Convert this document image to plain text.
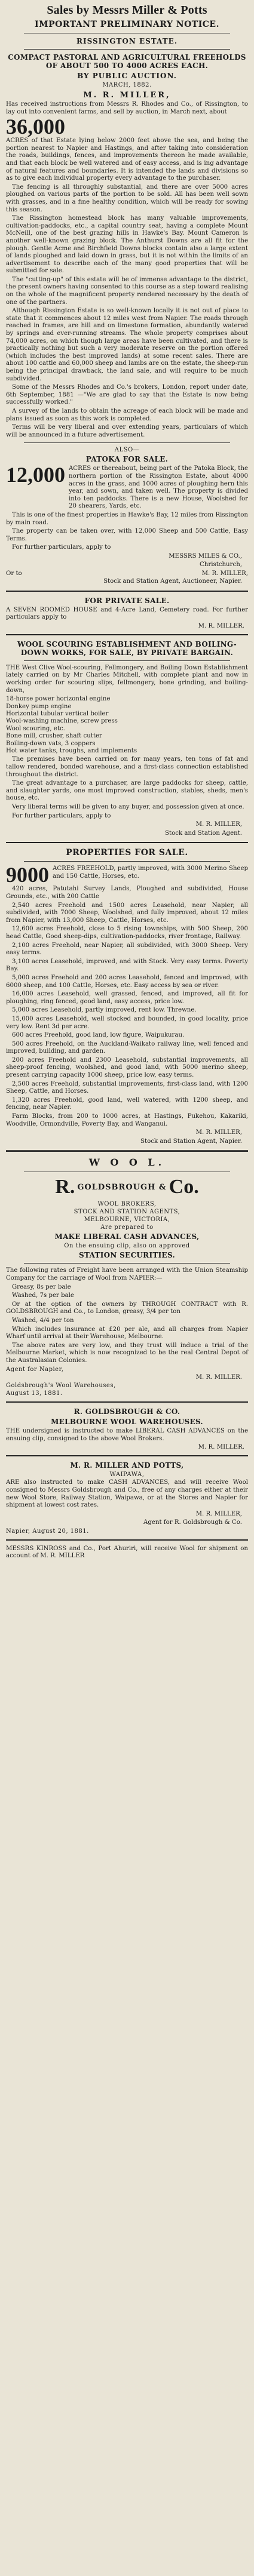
Sales by Messrs Miller & Potts
IMPORTANT PRELIMINARY NOTICE.
RISSINGTON ESTATE.
COMPACT PASTORAL AND AGRICULTURAL FREEHOLDS OF ABOUT 500 TO 4000 ACRES EACH.
BY PUBLIC AUCTION.
MARCH, 1882.
M. R. MILLER,

Has received instructions from Messrs R. Rhodes and Co., of Rissington, to lay out into convenient farms, and sell by auction, in March next, about

36,000

ACRES of that Estate lying below 2000 feet above the sea, and being the portion nearest to Napier and Hastings, and after taking into consideration the roads, buildings, fences, and improvements thereon he made available, and that each block be well watered and of easy access, and is ing advantage of natural features and boundaries. It is intended the lands and divisions so as to give each individual property every advantage to the purchaser.

The fencing is all throughly substantial, and there are over 5000 acres ploughed on various parts of the portion to be sold. All has been well sown with grasses, and in a fine healthy condition, which will be ready for sowing this season.

The Rissington homestead block has many valuable improvements, cultivation-paddocks, etc., a capital country seat, having a complete Mount McNeill, one of the best grazing hills in Hawke's Bay. Mount Cameron is another well-known grazing block. The Anthurst Downs are all fit for the plough. Gentle Acme and Birchfield Downs blocks contain also a large extent of lands ploughed and laid down in grass, but it is not within the limits of an advertisement to describe each of the many good properties that will be submitted for sale.

The "cutting-up" of this estate will be of immense advantage to the district, the present owners having consented to this course as a step toward realising on the whole of the magnificent property rendered necessary by the death of one of the partners.

Although Rissington Estate is so well-known locally it is not out of place to state that it commences about 12 miles west from Napier. The roads through reached in frames, are hill and on limestone formation, abundantly watered by springs and ever-running streams. The whole property comprises about 74,000 acres, on which though large areas have been cultivated, and there is practically nothing but such a very moderate reserve on the portion offered (which includes the best improved lands) at some recent sales. There are about 100 cattle and 60,000 sheep and lambs are on the estate, the sheep-run being the principal drawback, the land sale, and will require to be much subdivided.

Some of the Messrs Rhodes and Co.'s brokers, London, report under date, 6th September, 1881 —"We are glad to say that the Estate is now being successfully worked."

A survey of the lands to obtain the acreage of each block will be made and plans issued as soon as this work is completed.

Terms will be very liberal and over extending years, particulars of which will be announced in a future advertisement.

ALSO—
PATOKA FOR SALE.
12,000 ACRES or thereabout, being part of the Patoka Block, the northern portion of the Rissington Estate, about 4000 acres in the grass, and 1000 acres of ploughing hern this year, and sown, and taken well. The property is divided into ten paddocks. There is a new House, Woolshed for 20 shearers, Yards, etc.

This is one of the finest properties in Hawke's Bay, 12 miles from Rissington by main road.

The property can be taken over, with 12,000 Sheep and 500 Cattle, Easy Terms.

For further particulars, apply to

MESSRS MILES & CO.,
Christchurch,
Or to	M. R. MILLER,
Stock and Station Agent, Auctioneer, Napier.
FOR PRIVATE SALE.

A SEVEN ROOMED HOUSE and 4-Acre Land, Cemetery road. For further particulars apply to

M. R. MILLER.
WOOL SCOURING ESTABLISHMENT AND BOILING-DOWN WORKS, FOR SALE, BY PRIVATE BARGAIN.

THE West Clive Wool-scouring, Fellmongery, and Boiling Down Establishment lately carried on by Mr Charles Mitchell, with complete plant and now in working order for scouring slips, fellmongery, bone grinding, and boiling-down,

18-horse power horizontal engine
Donkey pump engine
Horizontal tubular vertical boiler
Wool-washing machine, screw press
Wool scouring, etc.
Bone mill, crusher, shaft cutter
Boiling-down vats, 3 coppers
Hot water tanks, troughs, and implements

The premises have been carried on for many years, ten tons of fat and tallow rendered, bonded warehouse, and a first-class connection established throughout the district.

The great advantage to a purchaser, are large paddocks for sheep, cattle, and slaughter yards, one most improved construction, stables, sheds, men's house, etc.

Very liberal terms will be given to any buyer, and possession given at once.

For further particulars, apply to

M. R. MILLER,
Stock and Station Agent.
PROPERTIES FOR SALE.
9000 ACRES FREEHOLD, partly improved, with 3000 Merino Sheep and 150 Cattle, Horses, etc.

420 acres, Patutahi Survey Lands, Ploughed and subdivided, House Grounds, etc., with 200 Cattle

2,540 acres Freehold and 1500 acres Leasehold, near Napier, all subdivided, with 7000 Sheep, Woolshed, and fully improved, about 12 miles from Napier, with 13,000 Sheep, Cattle, Horses, etc.

12,600 acres Freehold, close to 5 rising townships, with 500 Sheep, 200 head Cattle, Good sheep-dips, cultivation-paddocks, river frontage, Railway.

2,100 acres Freehold, near Napier, all subdivided, with 3000 Sheep. Very easy terms.

3,100 acres Leasehold, improved, and with Stock. Very easy terms. Poverty Bay.

5,000 acres Freehold and 200 acres Leasehold, fenced and improved, with 6000 sheep, and 100 Cattle, Horses, etc. Easy access by sea or river.

16,000 acres Leasehold, well grassed, fenced, and improved, all fit for ploughing, ring fenced, good land, easy access, price low.

5,000 acres Leasehold, partly improved, rent low. Threwne.

15,000 acres Leasehold, well stocked and bounded, in good locality, price very low. Rent 3d per acre.

600 acres Freehold, good land, low figure, Waipukurau.

500 acres Freehold, on the Auckland-Waikato railway line, well fenced and improved, building, and garden.

200 acres Freehold and 2300 Leasehold, substantial improvements, all sheep-proof fencing, woolshed, and good land, with 5000 merino sheep, present carrying capacity 1000 sheep, price low, easy terms.

2,500 acres Freehold, substantial improvements, first-class land, with 1200 Sheep, Cattle, and Horses.

1,320 acres Freehold, good land, well watered, with 1200 sheep, and fencing, near Napier.

Farm Blocks, from 200 to 1000 acres, at Hastings, Pukehou, Kakariki, Woodville, Ormondville, Poverty Bay, and Wanganui.

M. R. MILLER,
Stock and Station Agent, Napier.
W O O L.
R. GOLDSBROUGH & Co.
WOOL BROKERS,
STOCK AND STATION AGENTS,
MELBOURNE, VICTORIA,
Are prepared to
MAKE LIBERAL CASH ADVANCES,
On the ensuing clip, also on approved
STATION SECURITIES.

The following rates of Freight have been arranged with the Union Steamship Company for the carriage of Wool from NAPIER:—

Greasy, 8s per bale

Washed, 7s per bale

Or at the option of the owners by THROUGH CONTRACT with R. GOLDSBROUGH and Co., to London, greasy, 3/4 per ton

Washed, 4/4 per ton

Which includes insurance at £20 per ale, and all charges from Napier Wharf until arrival at their Warehouse, Melbourne.

The above rates are very low, and they trust will induce a trial of the Melbourne Market, which is now recognized to be the real Central Depot of the Australasian Colonies.

Agent for Napier,
M. R. MILLER.
Goldsbrough's Wool Warehouses,
August 13, 1881.
R. GOLDSBROUGH & CO.
MELBOURNE WOOL WAREHOUSES.

THE undersigned is instructed to make LIBERAL CASH ADVANCES on the ensuing clip, consigned to the above Wool Brokers.

M. R. MILLER.
M. R. MILLER AND POTTS,
WAIPAWA,

ARE also instructed to make CASH ADVANCES, and will receive Wool consigned to Messrs Goldsbrough and Co., free of any charges either at their new Wool Store, Railway Station, Waipawa, or at the Stores and Napier for shipment at lowest cost rates.

M. R. MILLER,
Agent for R. Goldsbrough & Co.
Napier, August 20, 1881.

MESSRS KINROSS and Co., Port Ahuriri, will receive Wool for shipment on account of M. R. MILLER
